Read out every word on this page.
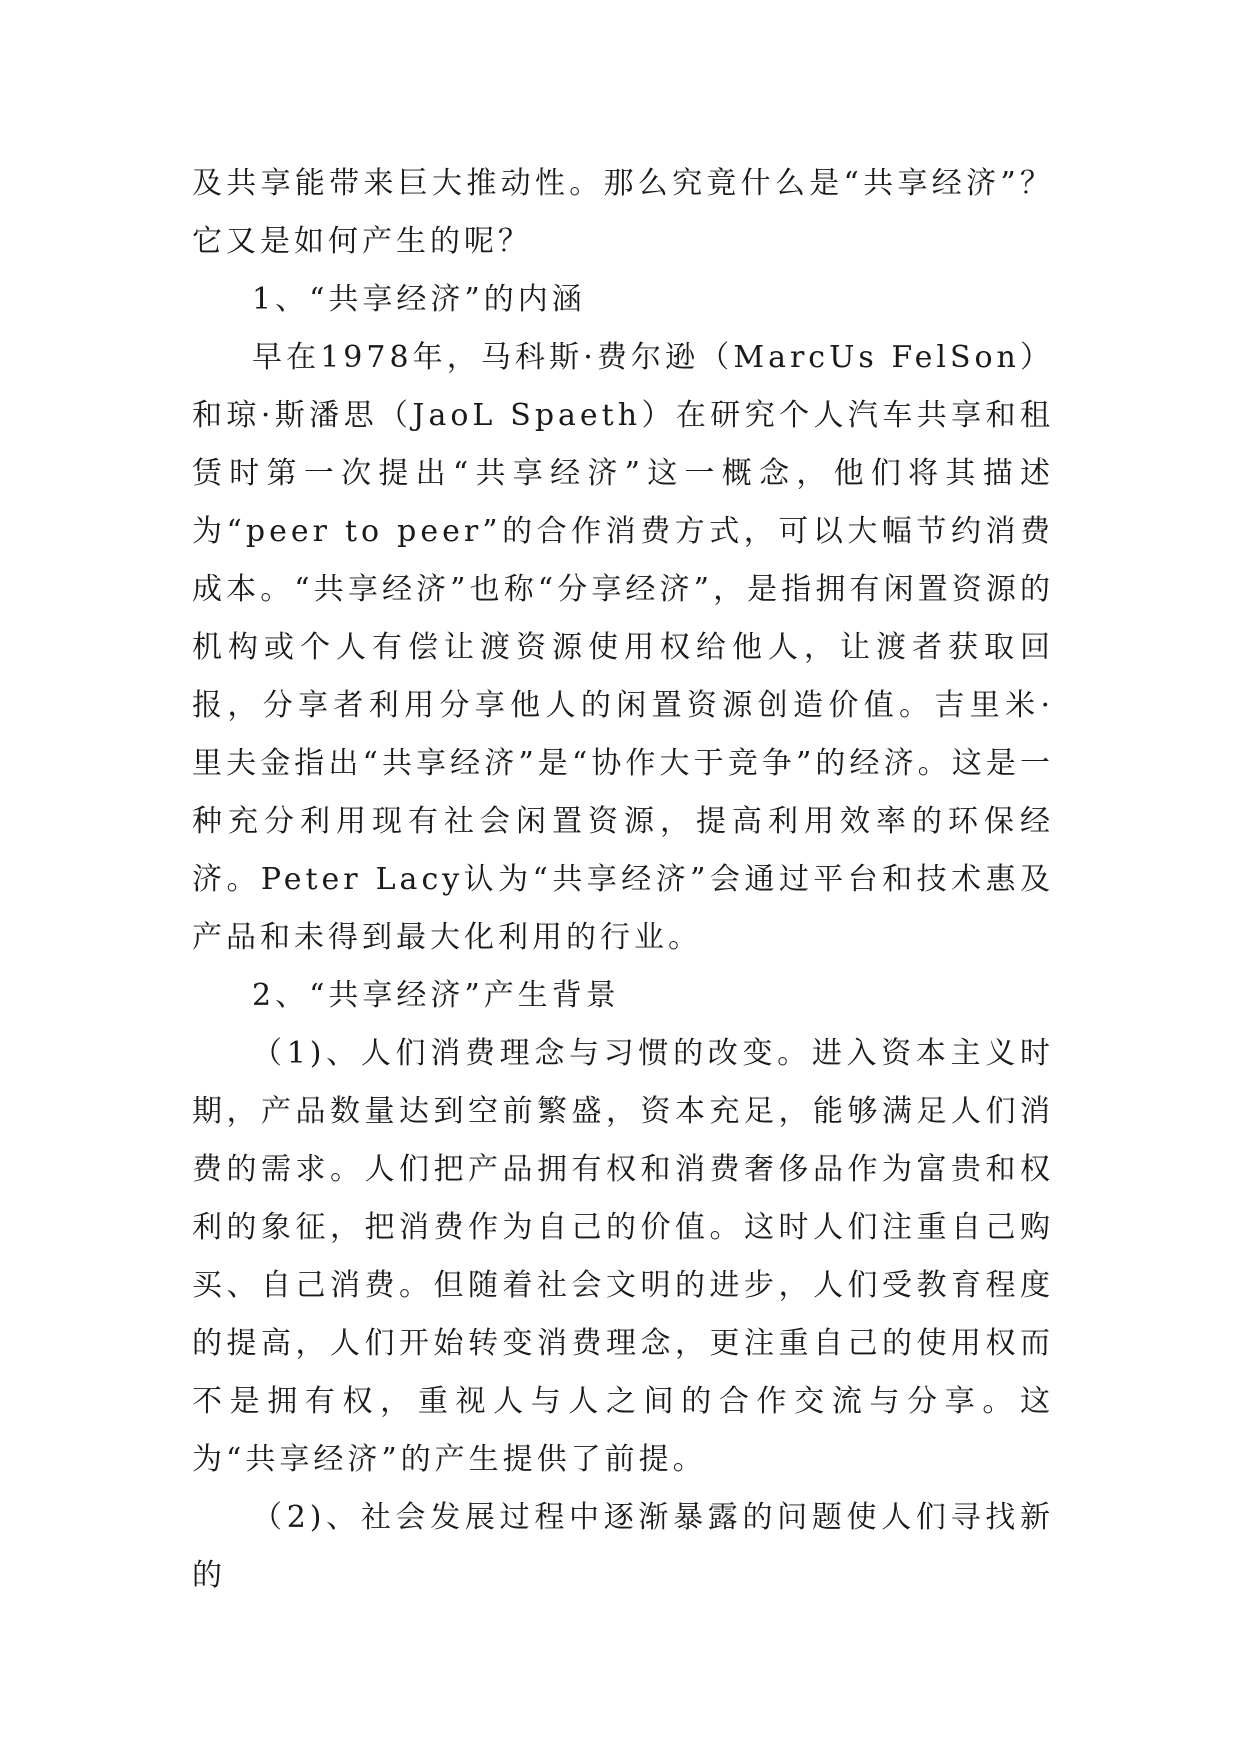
及共享能带来巨大推动性。那么究竟什么是“共享经济”？它又是如何产生的呢？

1、“共享经济”的内涵

早在1978年，马科斯·费尔逊（MarcUs FelSon）和琼·斯潘思（JaoL Spaeth）在研究个人汽车共享和租赁时第一次提出“共享经济”这一概念，他们将其描述为“peer to peer”的合作消费方式，可以大幅节约消费成本。“共享经济”也称“分享经济”，是指拥有闲置资源的机构或个人有偿让渡资源使用权给他人，让渡者获取回报，分享者利用分享他人的闲置资源创造价值。吉里米·里夫金指出“共享经济”是“协作大于竞争”的经济。这是一种充分利用现有社会闲置资源，提高利用效率的环保经济。Peter Lacy认为“共享经济”会通过平台和技术惠及产品和未得到最大化利用的行业。

2、“共享经济”产生背景

（1)、人们消费理念与习惯的改变。进入资本主义时期，产品数量达到空前繁盛，资本充足，能够满足人们消费的需求。人们把产品拥有权和消费奢侈品作为富贵和权利的象征，把消费作为自己的价值。这时人们注重自己购买、自己消费。但随着社会文明的进步，人们受教育程度的提高，人们开始转变消费理念，更注重自己的使用权而不是拥有权，重视人与人之间的合作交流与分享。这为“共享经济”的产生提供了前提。

（2)、社会发展过程中逐渐暴露的问题使人们寻找新的
